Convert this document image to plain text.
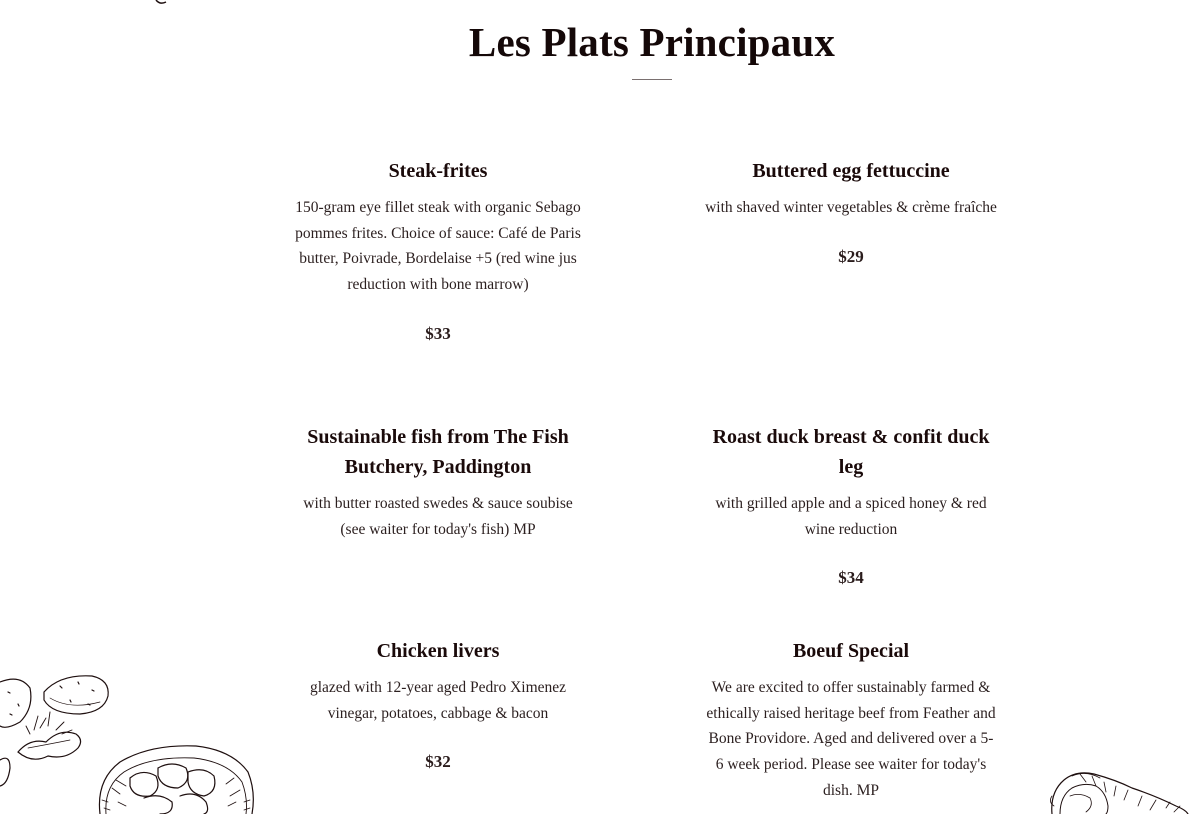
Les Plats Principaux
Steak-frites

150-gram eye fillet steak with organic Sebago pommes frites. Choice of sauce: Café de Paris butter, Poivrade, Bordelaise +5 (red wine jus reduction with bone marrow)

$33

Buttered egg fettuccine

with shaved winter vegetables & crème fraîche

$29

Sustainable fish from The Fish Butchery, Paddington

with butter roasted swedes & sauce soubise (see waiter for today's fish) MP

Roast duck breast & confit duck leg

with grilled apple and a spiced honey & red wine reduction

$34

Chicken livers

glazed with 12-year aged Pedro Ximenez vinegar, potatoes, cabbage & bacon

$32

Boeuf Special

We are excited to offer sustainably farmed & ethically raised heritage beef from Feather and Bone Providore. Aged and delivered over a 5-6 week period. Please see waiter for today's dish. MP
